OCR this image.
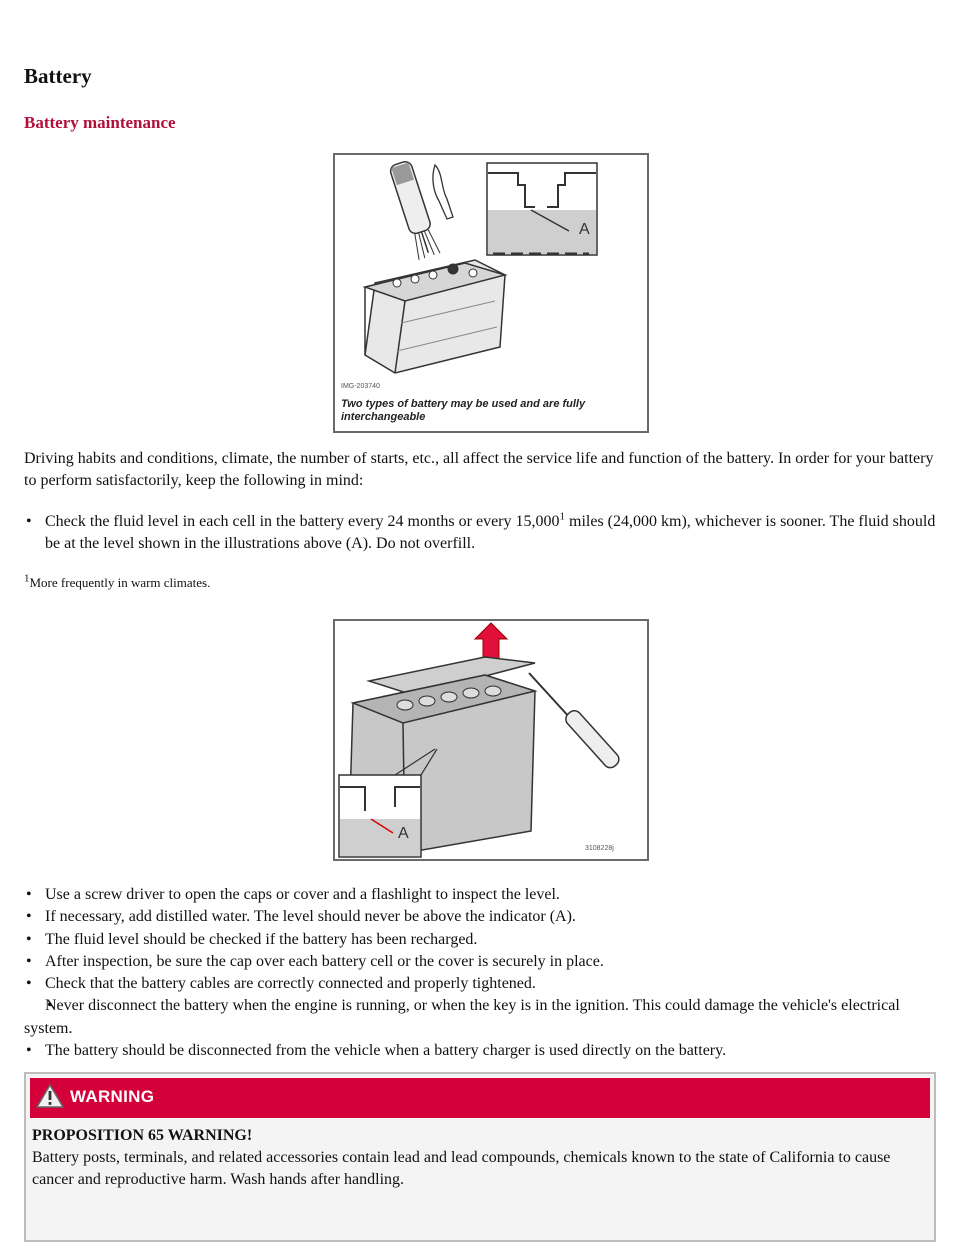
Battery
Battery maintenance
IMG-203740
A
Two types of battery may be used and are fully interchangeable

Driving habits and conditions, climate, the number of starts, etc., all affect the service life and function of the battery. In order for your battery to perform satisfactorily, keep the following in mind:

• Check the fluid level in each cell in the battery every 24 months or every 15,000$^1$ miles (24,000 km), whichever is sooner. The fluid should be at the level shown in the illustrations above (A). Do not overfill.

$^1$More frequently in warm climates.

3108228j
A
• Use a screw driver to open the caps or cover and a flashlight to inspect the level.
• If necessary, add distilled water. The level should never be above the indicator (A).
• The fluid level should be checked if the battery has been recharged.
• After inspection, be sure the cap over each battery cell or the cover is securely in place.
• Check that the battery cables are correctly connected and properly tightened.
• Never disconnect the battery when the engine is running, or when the key is in the ignition. This could damage the vehicle's electrical system.
• The battery should be disconnected from the vehicle when a battery charger is used directly on the battery.
WARNING
PROPOSITION 65 WARNING!
Battery posts, terminals, and related accessories contain lead and lead compounds, chemicals known to the state of California to cause cancer and reproductive harm. Wash hands after handling.
